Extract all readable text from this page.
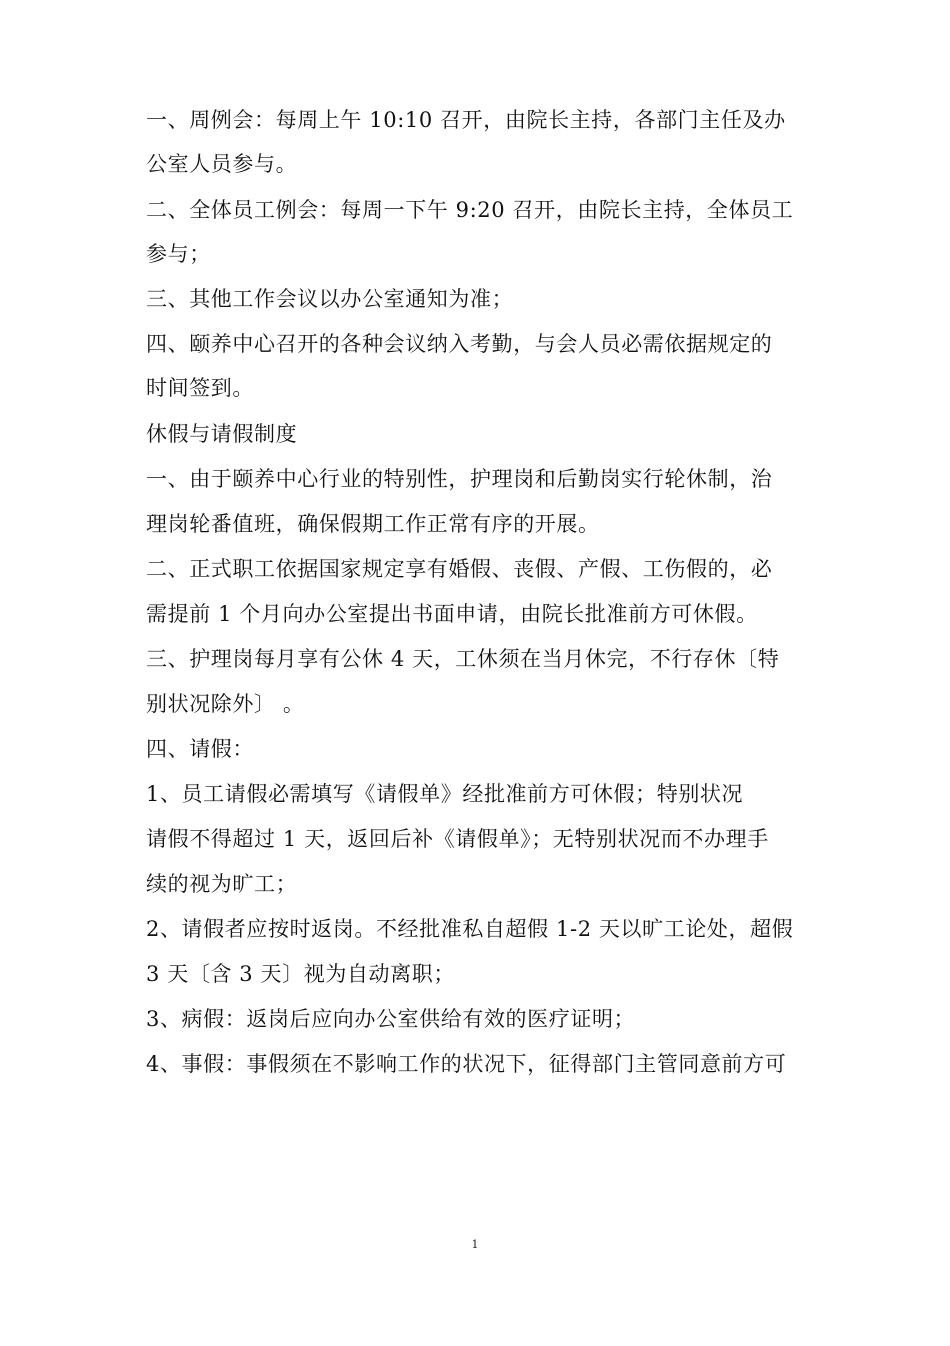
一、周例会：每周上午 10:10 召开，由院长主持，各部门主任及办
公室人员参与。
二、全体员工例会：每周一下午 9:20 召开，由院长主持，全体员工
参与；
三、其他工作会议以办公室通知为准；
四、颐养中心召开的各种会议纳入考勤，与会人员必需依据规定的
时间签到。
休假与请假制度
一、由于颐养中心行业的特别性，护理岗和后勤岗实行轮休制，治
理岗轮番值班，确保假期工作正常有序的开展。
二、正式职工依据国家规定享有婚假、丧假、产假、工伤假的，必
需提前 1 个月向办公室提出书面申请，由院长批准前方可休假。
三、护理岗每月享有公休 4 天，工休须在当月休完，不行存休〔特
别状况除外〕 。
四、请假：
1、员工请假必需填写《请假单》经批准前方可休假；特别状况
请假不得超过 1 天，返回后补《请假单》；无特别状况而不办理手
续的视为旷工；
2、请假者应按时返岗。不经批准私自超假 1-2 天以旷工论处，超假
3 天〔含 3 天〕视为自动离职；
3、病假：返岗后应向办公室供给有效的医疗证明；
4、事假：事假须在不影响工作的状况下，征得部门主管同意前方可
1
